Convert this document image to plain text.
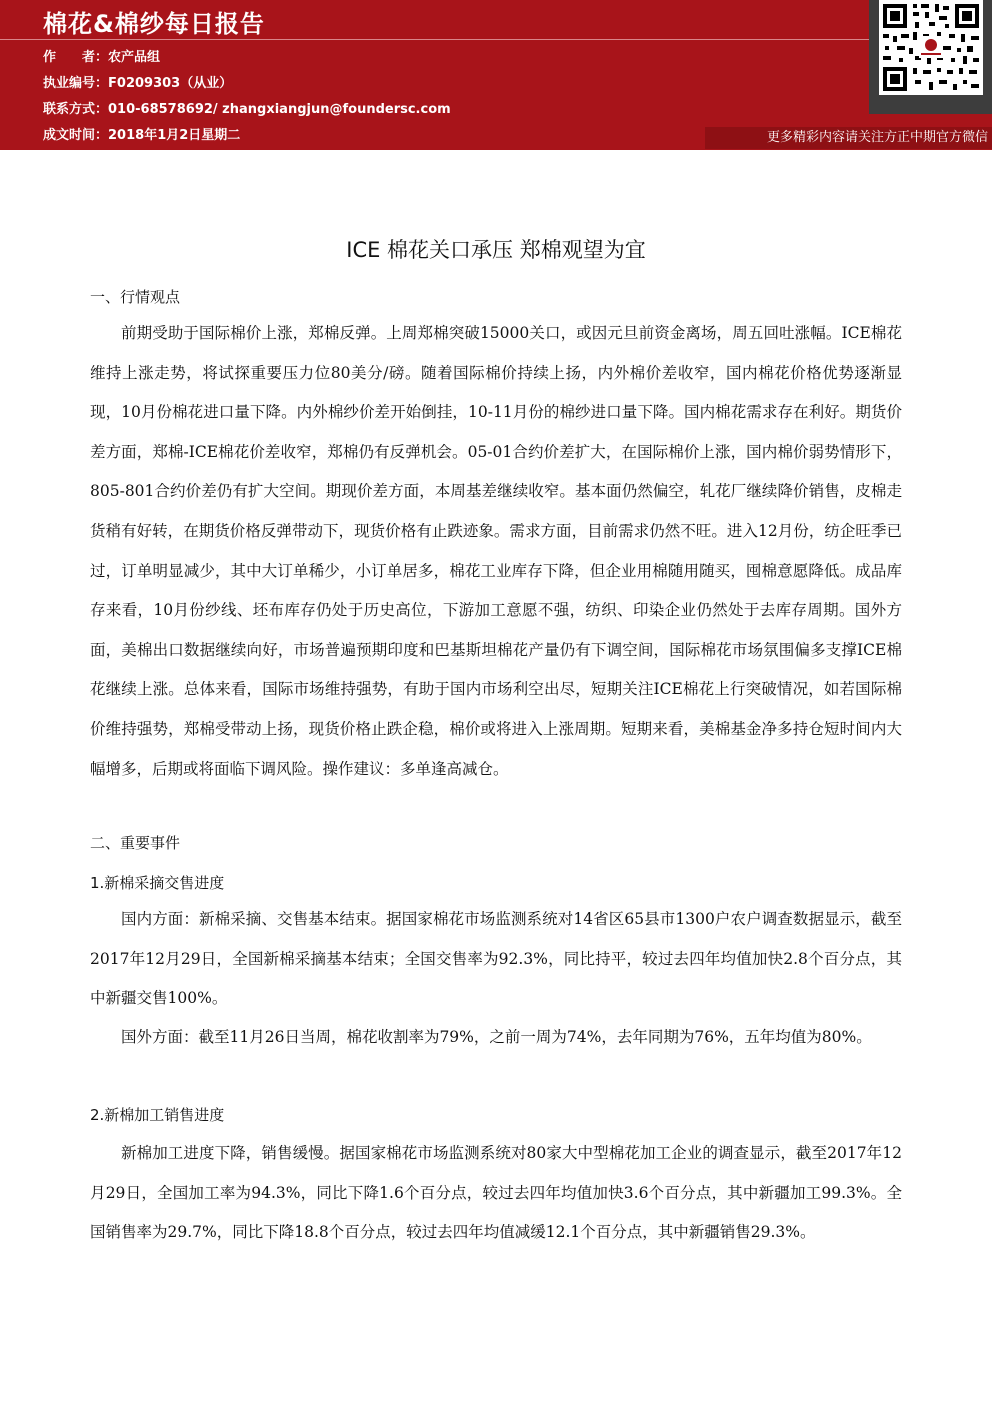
棉花&棉纱每日报告
作　　者：农产品组
执业编号：F0209303（从业）
联系方式：010-68578692/ zhangxiangjun@foundersc.com
成文时间：2018年1月2日星期二	更多精彩内容请关注方正中期官方微信
ICE 棉花关口承压 郑棉观望为宜
一、行情观点
前期受助于国际棉价上涨，郑棉反弹。上周郑棉突破15000关口，或因元旦前资金离场，周五回吐涨幅。ICE棉花维持上涨走势，将试探重要压力位80美分/磅。随着国际棉价持续上扬，内外棉价差收窄，国内棉花价格优势逐渐显现，10月份棉花进口量下降。内外棉纱价差开始倒挂，10-11月份的棉纱进口量下降。国内棉花需求存在利好。期货价差方面，郑棉-ICE棉花价差收窄，郑棉仍有反弹机会。05-01合约价差扩大，在国际棉价上涨，国内棉价弱势情形下，805-801合约价差仍有扩大空间。期现价差方面，本周基差继续收窄。基本面仍然偏空，轧花厂继续降价销售，皮棉走货稍有好转，在期货价格反弹带动下，现货价格有止跌迹象。需求方面，目前需求仍然不旺。进入12月份，纺企旺季已过，订单明显减少，其中大订单稀少，小订单居多，棉花工业库存下降，但企业用棉随用随买，囤棉意愿降低。成品库存来看，10月份纱线、坯布库存仍处于历史高位，下游加工意愿不强，纺织、印染企业仍然处于去库存周期。国外方面，美棉出口数据继续向好，市场普遍预期印度和巴基斯坦棉花产量仍有下调空间，国际棉花市场氛围偏多支撑ICE棉花继续上涨。总体来看，国际市场维持强势，有助于国内市场利空出尽，短期关注ICE棉花上行突破情况，如若国际棉价维持强势，郑棉受带动上扬，现货价格止跌企稳，棉价或将进入上涨周期。短期来看，美棉基金净多持仓短时间内大幅增多，后期或将面临下调风险。操作建议：多单逢高减仓。
二、重要事件
1.新棉采摘交售进度
国内方面：新棉采摘、交售基本结束。据国家棉花市场监测系统对14省区65县市1300户农户调查数据显示，截至2017年12月29日，全国新棉采摘基本结束；全国交售率为92.3%，同比持平，较过去四年均值加快2.8个百分点，其中新疆交售100%。
国外方面：截至11月26日当周，棉花收割率为79%，之前一周为74%，去年同期为76%，五年均值为80%。
2.新棉加工销售进度
新棉加工进度下降，销售缓慢。据国家棉花市场监测系统对80家大中型棉花加工企业的调查显示，截至2017年12月29日，全国加工率为94.3%，同比下降1.6个百分点，较过去四年均值加快3.6个百分点，其中新疆加工99.3%。全国销售率为29.7%，同比下降18.8个百分点，较过去四年均值减缓12.1个百分点，其中新疆销售29.3%。
